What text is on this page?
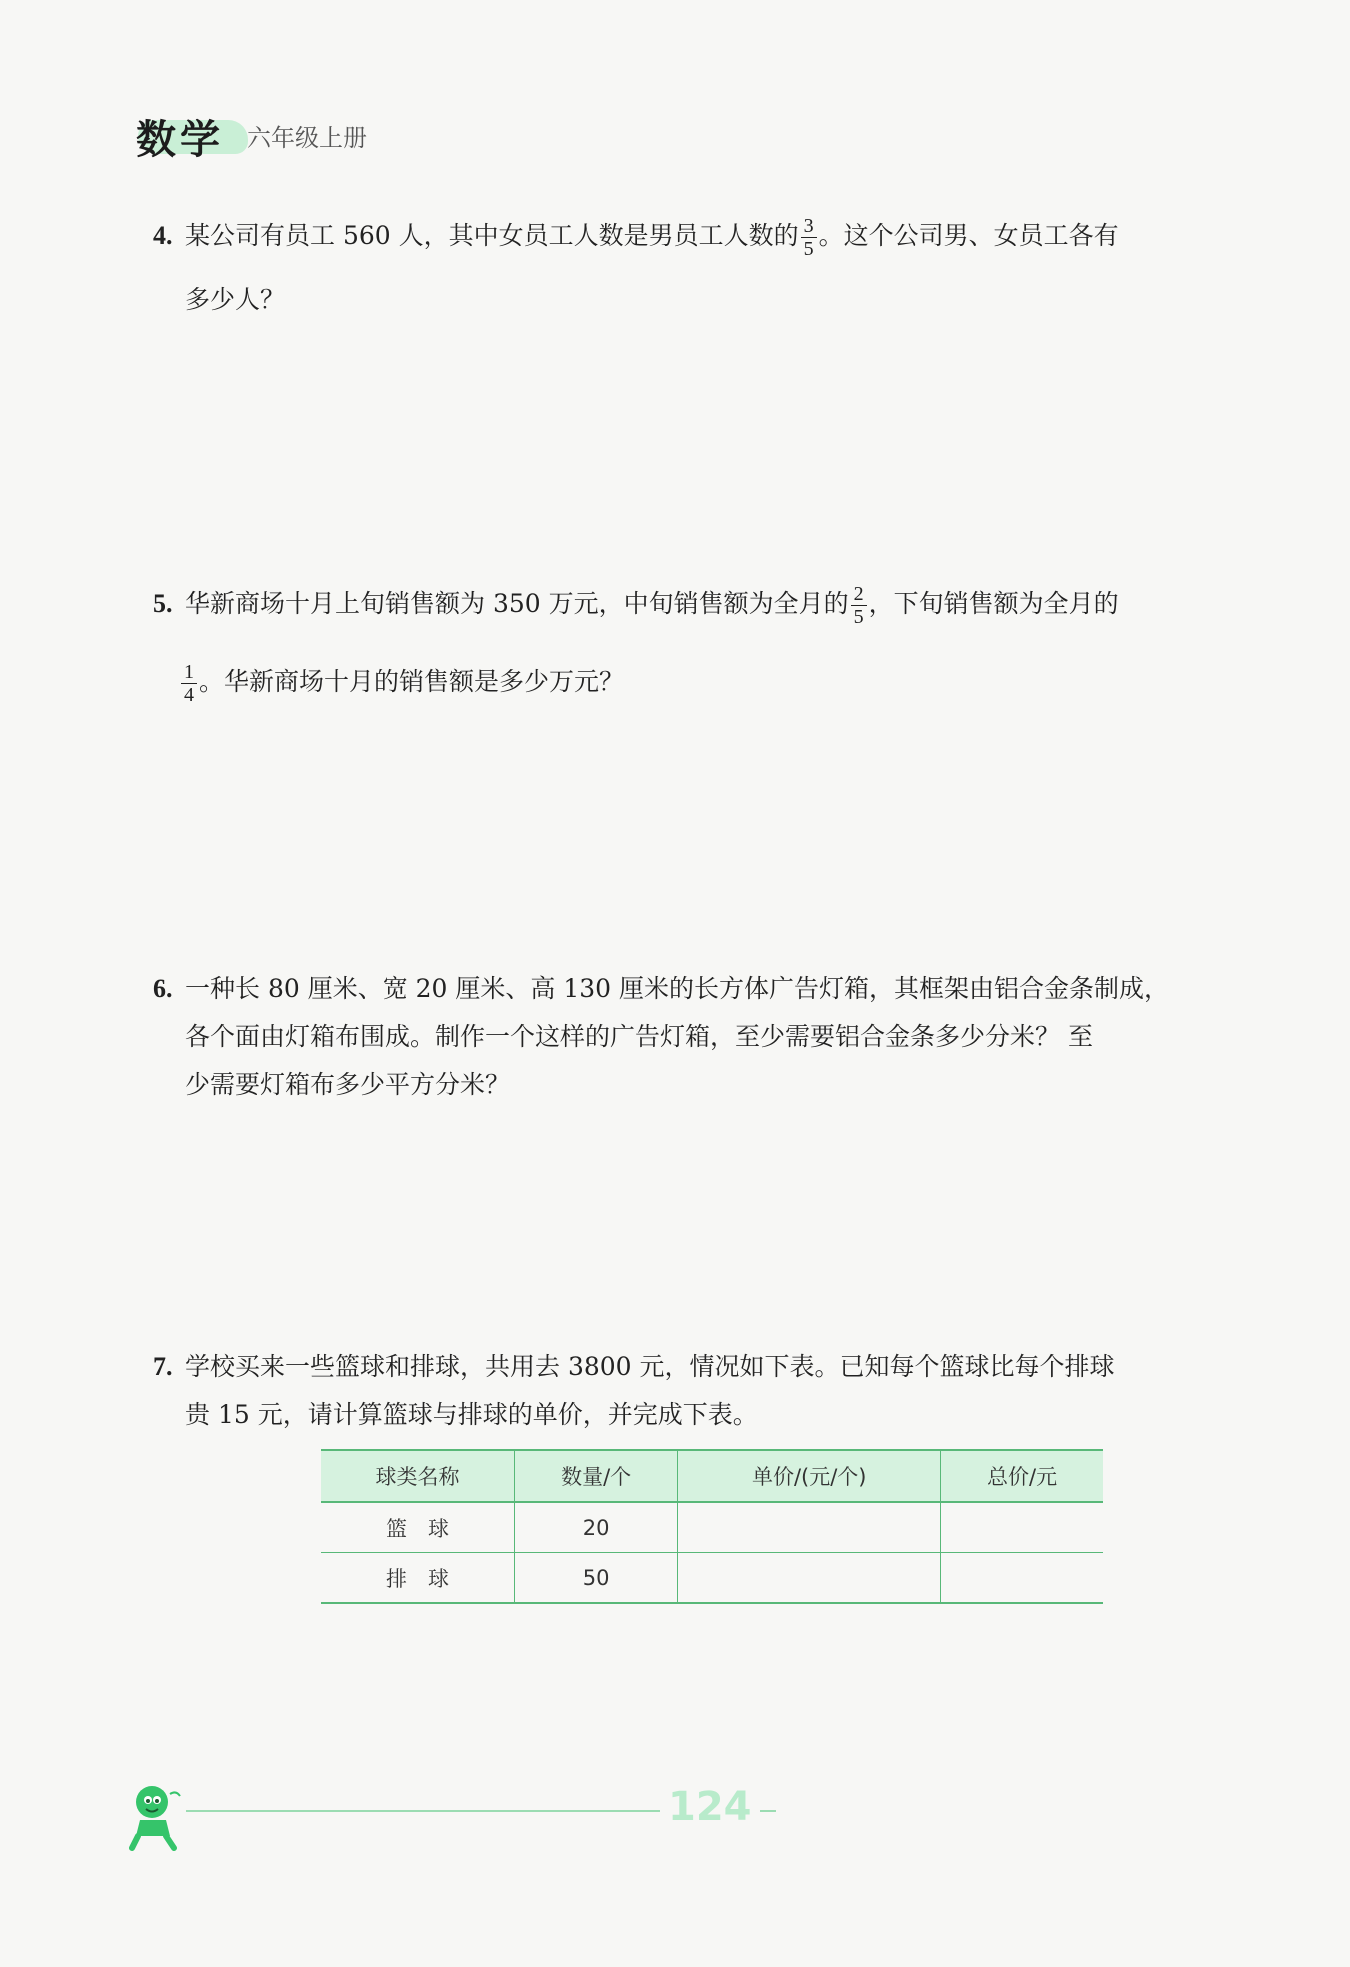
数学 六年级上册
4. 某公司有员工 560 人，其中女员工人数是男员工人数的 $\frac{3}{5}$ 。这个公司男、女员工各有
多少人？
5. 华新商场十月上旬销售额为 350 万元，中旬销售额为全月的 $\frac{2}{5}$ ，下旬销售额为全月的
$\frac{1}{4}$ 。华新商场十月的销售额是多少万元？
6. 一种长 80 厘米、宽 20 厘米、高 130 厘米的长方体广告灯箱，其框架由铝合金条制成，
各个面由灯箱布围成。制作一个这样的广告灯箱，至少需要铝合金条多少分米？ 至
少需要灯箱布多少平方分米？
7. 学校买来一些篮球和排球，共用去 3800 元，情况如下表。已知每个篮球比每个排球
贵 15 元，请计算篮球与排球的单价，并完成下表。
球类名称	数量/个	单价/(元/个)	总价/元
篮　球	20		
排　球	50		
124
